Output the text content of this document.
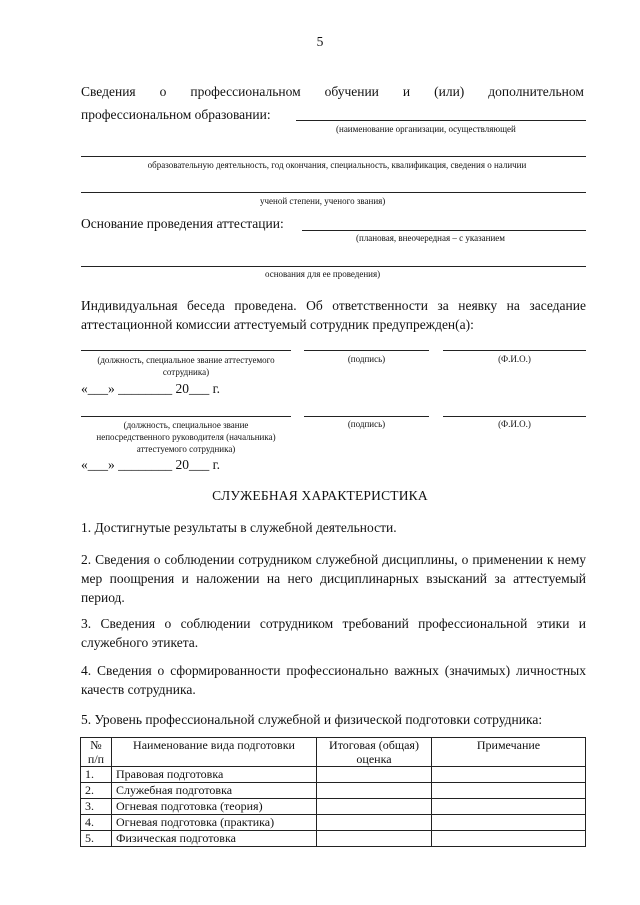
5
Сведения о профессиональном обучении и (или) дополнительном
профессиональном образовании:
(наименование организации, осуществляющей
образовательную деятельность, год окончания, специальность, квалификация, сведения о наличии
ученой степени, ученого звания)
Основание проведения аттестации:
(плановая, внеочередная – с указанием
основания для ее проведения)
Индивидуальная беседа проведена. Об ответственности за неявку на заседание аттестационной комиссии аттестуемый сотрудник предупрежден(а):
(должность, специальное звание аттестуемого сотрудника)
(подпись)	(Ф.И.О.)
«___» ________ 20___ г.
(должность, специальное звание непосредственного руководителя (начальника) аттестуемого сотрудника)
(подпись)	(Ф.И.О.)
«___» ________ 20___ г.
СЛУЖЕБНАЯ ХАРАКТЕРИСТИКА
1. Достигнутые результаты в служебной деятельности.
2. Сведения о соблюдении сотрудником служебной дисциплины, о применении к нему мер поощрения и наложении на него дисциплинарных взысканий за аттестуемый период.
3. Сведения о соблюдении сотрудником требований профессиональной этики и служебного этикета.
4. Сведения о сформированности профессионально важных (значимых) личностных качеств сотрудника.
5. Уровень профессиональной служебной и физической подготовки сотрудника:
№ п/п	Наименование вида подготовки	Итоговая (общая) оценка	Примечание
1.	Правовая подготовка		
2.	Служебная подготовка		
3.	Огневая подготовка (теория)		
4.	Огневая подготовка (практика)		
5.	Физическая подготовка		
